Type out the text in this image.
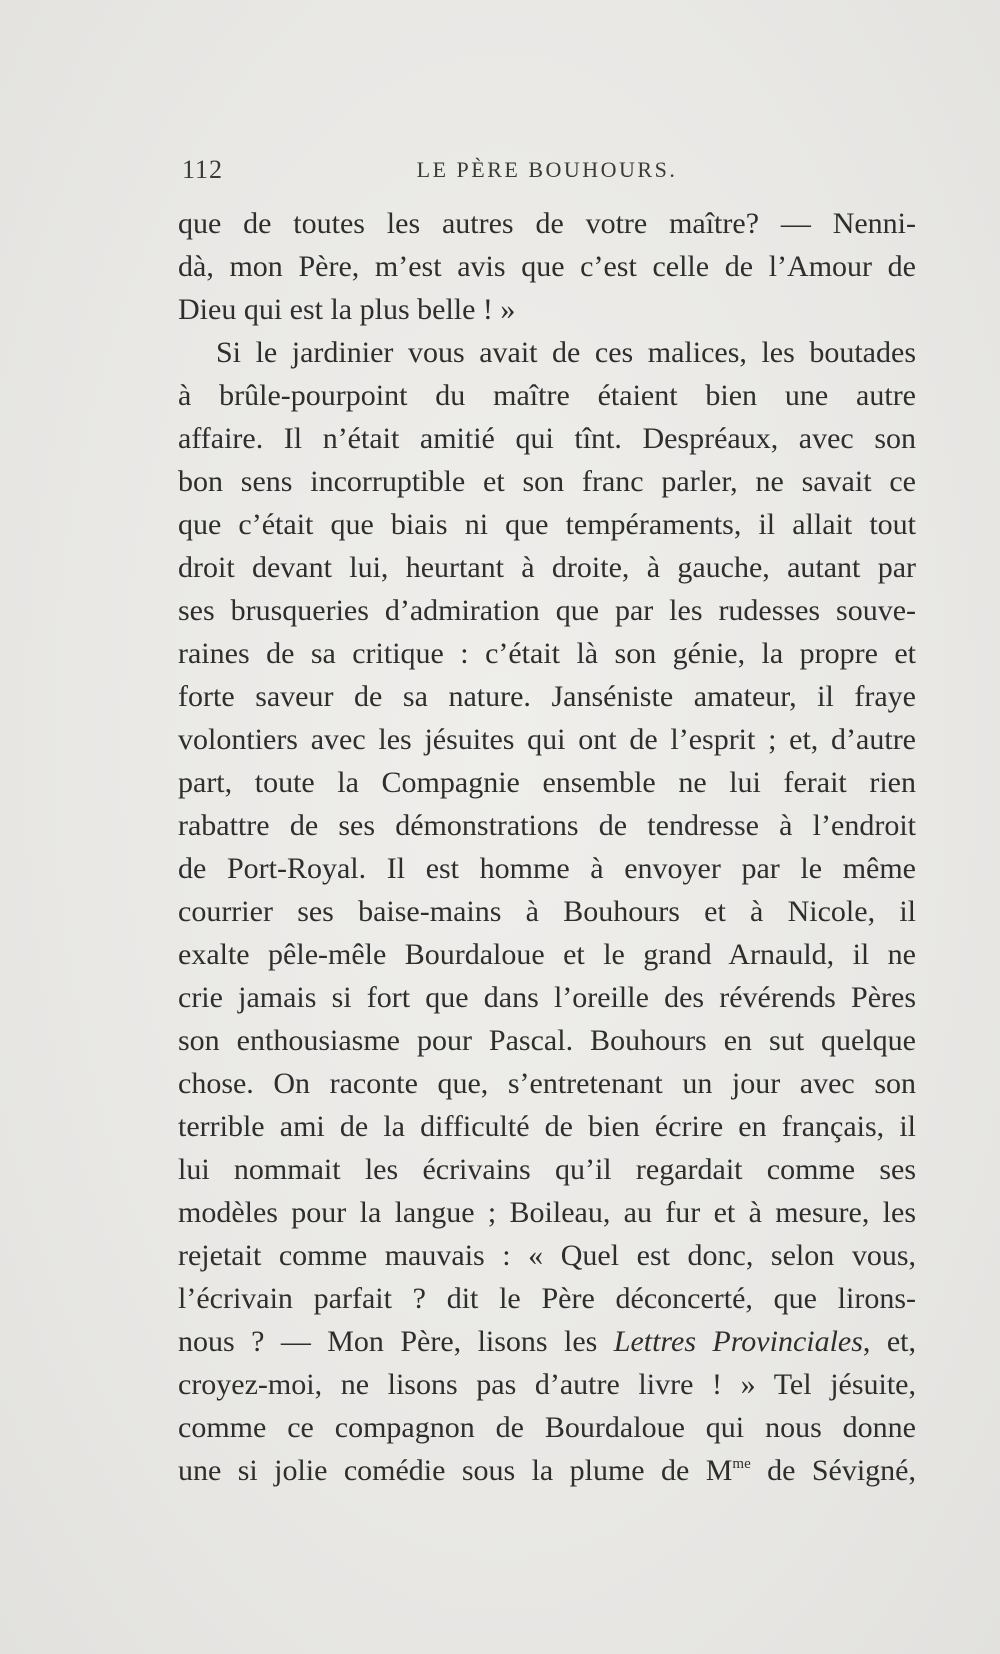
112	LE PÈRE BOUHOURS.
que de toutes les autres de votre maître? — Nenni-
dà, mon Père, m’est avis que c’est celle de l’Amour de
Dieu qui est la plus belle ! »
Si le jardinier vous avait de ces malices, les boutades
à brûle-pourpoint du maître étaient bien une autre
affaire. Il n’était amitié qui tînt. Despréaux, avec son
bon sens incorruptible et son franc parler, ne savait ce
que c’était que biais ni que tempéraments, il allait tout
droit devant lui, heurtant à droite, à gauche, autant par
ses brusqueries d’admiration que par les rudesses souve-
raines de sa critique : c’était là son génie, la propre et
forte saveur de sa nature. Janséniste amateur, il fraye
volontiers avec les jésuites qui ont de l’esprit ; et, d’autre
part, toute la Compagnie ensemble ne lui ferait rien
rabattre de ses démonstrations de tendresse à l’endroit
de Port-Royal. Il est homme à envoyer par le même
courrier ses baise-mains à Bouhours et à Nicole, il
exalte pêle-mêle Bourdaloue et le grand Arnauld, il ne
crie jamais si fort que dans l’oreille des révérends Pères
son enthousiasme pour Pascal. Bouhours en sut quelque
chose. On raconte que, s’entretenant un jour avec son
terrible ami de la difficulté de bien écrire en français, il
lui nommait les écrivains qu’il regardait comme ses
modèles pour la langue ; Boileau, au fur et à mesure, les
rejetait comme mauvais : « Quel est donc, selon vous,
l’écrivain parfait ? dit le Père déconcerté, que lirons-
nous ? — Mon Père, lisons les Lettres Provinciales, et,
croyez-moi, ne lisons pas d’autre livre ! » Tel jésuite,
comme ce compagnon de Bourdaloue qui nous donne
une si jolie comédie sous la plume de $M^{me}$ de Sévigné,
